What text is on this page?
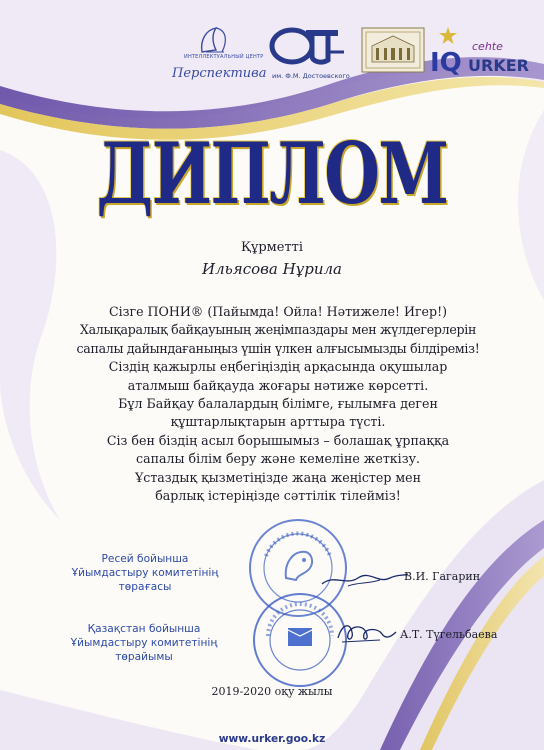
ИНТЕЛЛЕКТУАЛЬНЫЙ ЦЕНТР
Перспектива им. Ф.М. Достоевского
cehte
IQ URKER
ДИПЛОМ
Құрметті
Ильясова Нұрила
Сізге ПОНИ® (Пайымда! Ойла! Нәтижеле! Игер!)
Халықаралық байқауының жеңімпаздары мен жүлдегерлерін
сапалы дайындағаныңыз үшін үлкен алғысымызды білдіреміз!
Сіздің қажырлы еңбегіңіздің арқасында оқушылар
аталмыш байқауда жоғары нәтиже көрсетті.
Бұл Байқау балалардың білімге, ғылымға деген
құштарлықтарын арттыра түсті.
Сіз бен біздің асыл борышымыз – болашақ ұрпаққа
сапалы білім беру және кемеліне жеткізу.
Ұстаздық қызметіңізде жаңа жеңістер мен
барлық істеріңізде сәттілік тілейміз!
Ресей бойынша
Ұйымдастыру комитетінің
төрағасы
Қазақстан бойынша
Ұйымдастыру комитетінің
төрайымы
В.И. Гагарин
А.Т. Түгельбаева
2019-2020 оқу жылы
www.urker.goo.kz
